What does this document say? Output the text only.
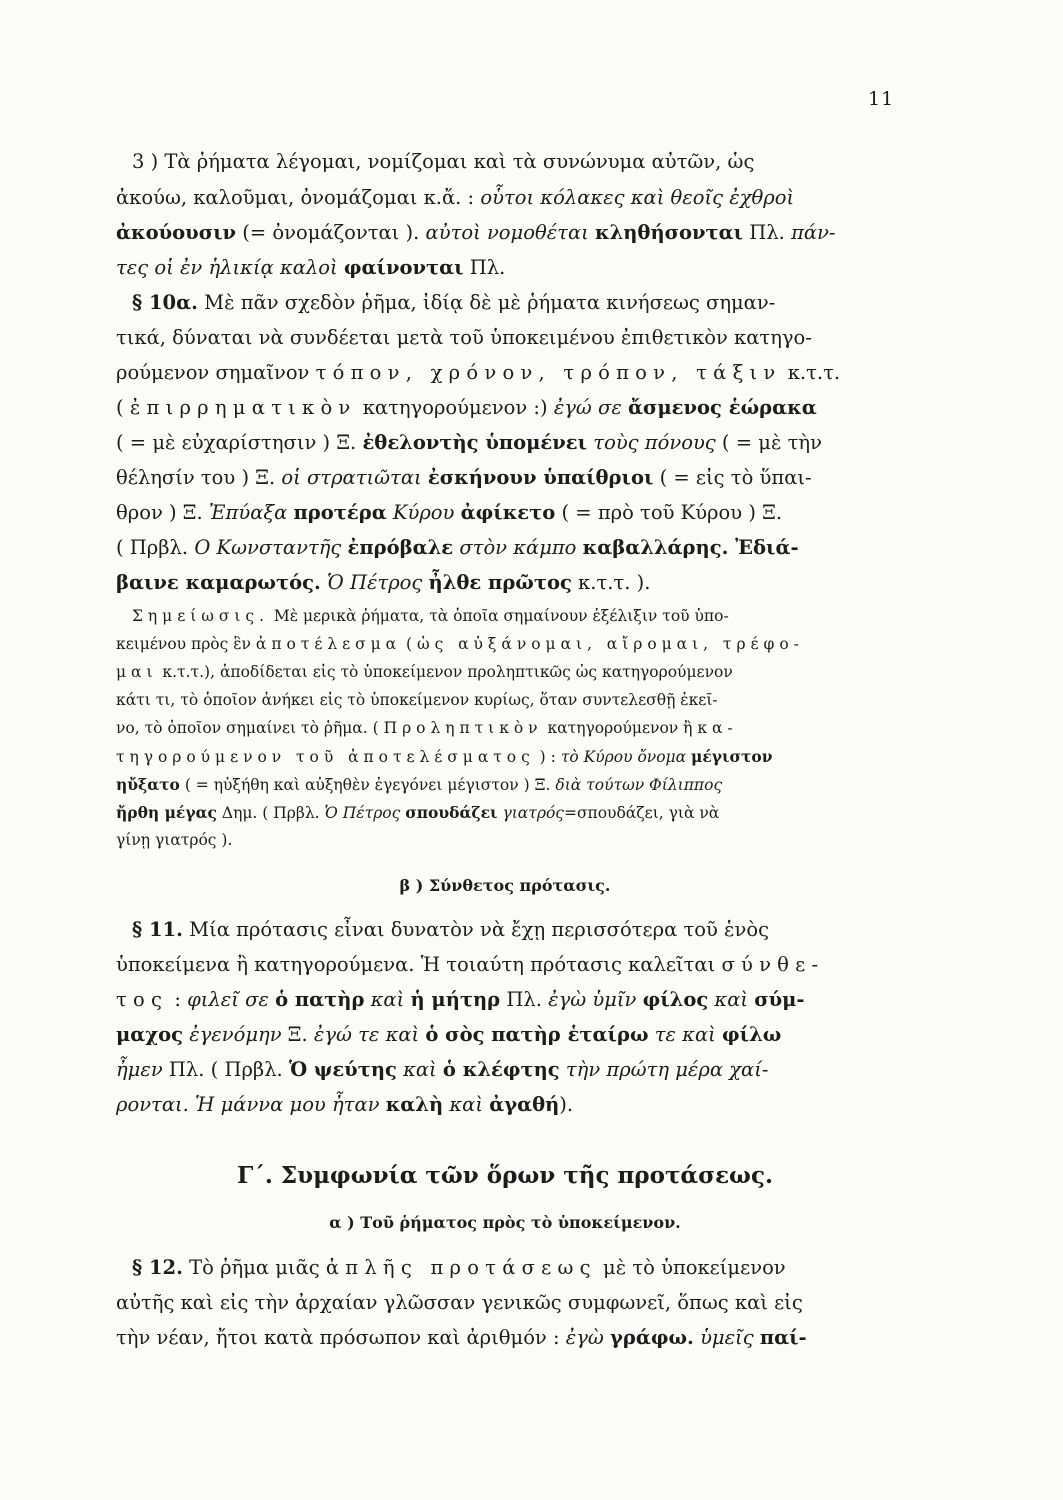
11
3 ) Τὰ ῥήματα λέγομαι, νομίζομαι καὶ τὰ συνώνυμα αὐτῶν, ὡς
ἀκούω, καλοῦμαι, ὀνομάζομαι κ.ἄ. : οὗτοι κόλακες καὶ θεοῖς ἐχθροὶ
ἀκούουσιν (= ὀνομάζονται ). αὐτοὶ νομοθέται κληθήσονται Πλ. πάν-
τες οἱ ἐν ἡλικίᾳ καλοὶ φαίνονται Πλ.
§ 10α. Μὲ πᾶν σχεδὸν ῥῆμα, ἰδίᾳ δὲ μὲ ῥήματα κινήσεως σημαν-
τικά, δύναται νὰ συνδέεται μετὰ τοῦ ὑποκειμένου ἐπιθετικὸν κατηγο-
ρούμενον σημαῖνον τόπον, χρόνον, τρόπον, τάξιν κ.τ.τ.
( ἐπιρρηματικὸν κατηγορούμενον :) ἐγώ σε ἄσμενος ἑώρακα
( = μὲ εὐχαρίστησιν ) Ξ. ἐθελοντὴς ὑπομένει τοὺς πόνους ( = μὲ τὴν
θέλησίν του ) Ξ. οἱ στρατιῶται ἐσκήνουν ὑπαίθριοι ( = εἰς τὸ ὕπαι-
θρον ) Ξ. Ἐπύαξα προτέρα Κύρου ἀφίκετο ( = πρὸ τοῦ Κύρου ) Ξ.
( Πρβλ. Ο Κωνσταντῆς ἐπρόβαλε στὸν κάμπο καβαλλάρης. Ἐδιά-
βαινε καμαρωτός. Ὁ Πέτρος ἦλθε πρῶτος κ.τ.τ. ).
Σημείωσις. Μὲ μερικὰ ῥήματα, τὰ ὁποῖα σημαίνουν ἐξέλιξιν τοῦ ὑπο-
κειμένου πρὸς ἓν ἀποτέλεσμα ( ὡς αὐξάνομαι, αἴρομαι, τρέφο-
μαι κ.τ.τ.), ἀποδίδεται εἰς τὸ ὑποκείμενον προληπτικῶς ὡς κατηγορούμενον
κάτι τι, τὸ ὁποῖον ἀνήκει εἰς τὸ ὑποκείμενον κυρίως, ὅταν συντελεσθῇ ἐκεῖ-
νο, τὸ ὁποῖον σημαίνει τὸ ῥῆμα. ( Προληπτικὸν κατηγορούμενον ἢ κα-
τηγορούμενον τοῦ ἀποτελέσματος ) : τὸ Κύρου ὄνομα μέγιστον
ηὔξατο ( = ηὐξήθη καὶ αὐξηθὲν ἐγεγόνει μέγιστον ) Ξ. διὰ τούτων Φίλιππος
ἤρθη μέγας Δημ. ( Πρβλ. Ὁ Πέτρος σπουδάζει γιατρός=σπουδάζει, γιὰ νὰ
γίνῃ γιατρός ).
β ) Σύνθετος πρότασις.
§ 11. Μία πρότασις εἶναι δυνατὸν νὰ ἔχῃ περισσότερα τοῦ ἑνὸς
ὑποκείμενα ἢ κατηγορούμενα. Ἡ τοιαύτη πρότασις καλεῖται σύνθε-
τος : φιλεῖ σε ὁ πατὴρ καὶ ἡ μήτηρ Πλ. ἐγὼ ὑμῖν φίλος καὶ σύμ-
μαχος ἐγενόμην Ξ. ἐγώ τε καὶ ὁ σὸς πατὴρ ἑταίρω τε καὶ φίλω
ἦμεν Πλ. ( Πρβλ. Ὁ ψεύτης καὶ ὁ κλέφτης τὴν πρώτη μέρα χαί-
ρονται. Ἡ μάννα μου ἦταν καλὴ καὶ ἀγαθή).
Γ΄. Συμφωνία τῶν ὅρων τῆς προτάσεως.
α ) Τοῦ ῥήματος πρὸς τὸ ὑποκείμενον.
§ 12. Τὸ ῥῆμα μιᾶς ἁπλῆς προτάσεως μὲ τὸ ὑποκείμενον
αὐτῆς καὶ εἰς τὴν ἀρχαίαν γλῶσσαν γενικῶς συμφωνεῖ, ὅπως καὶ εἰς
τὴν νέαν, ἤτοι κατὰ πρόσωπον καὶ ἀριθμόν : ἐγὼ γράφω. ὑμεῖς παί-
